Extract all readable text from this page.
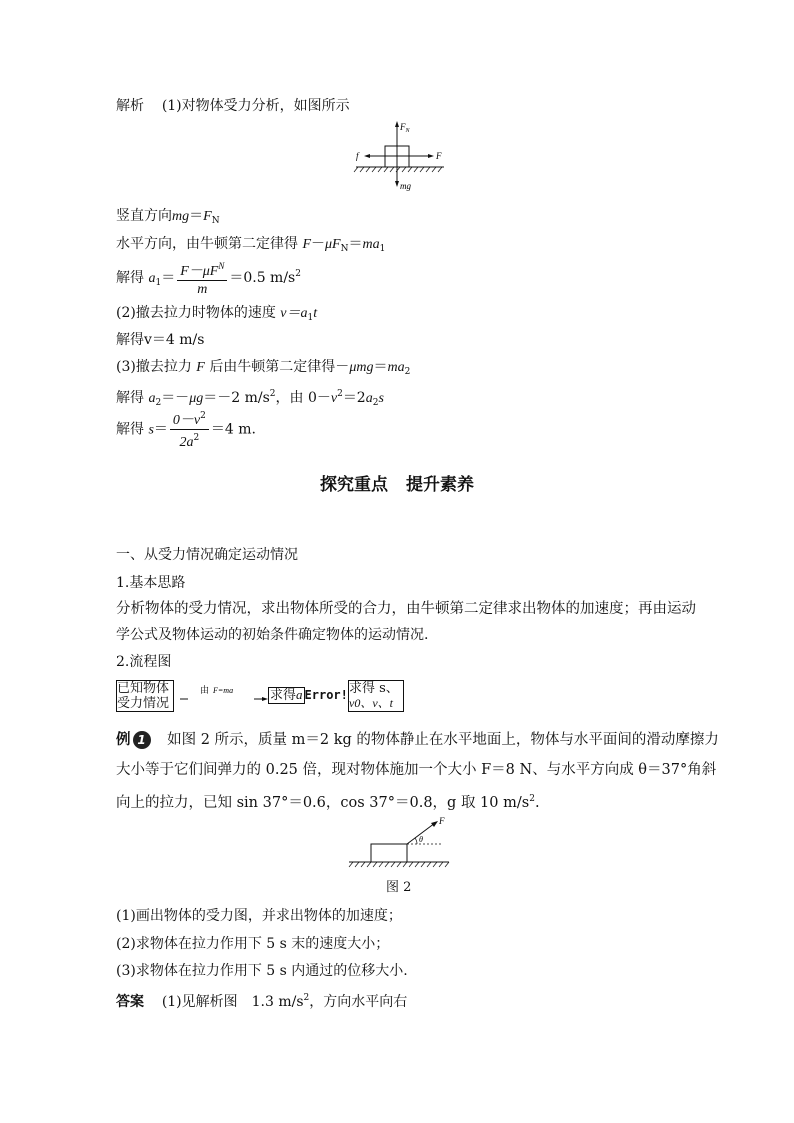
解析 (1)对物体受力分析，如图所示
$F_N$
f	F
mg
竖直方向$mg=F_N$
水平方向，由牛顿第二定律得 $F-\mu F_N=ma_1$
解得 $a_1= \frac{F-\mu F^N}{m} =0.5$ $m/s^2$
(2)撤去拉力时物体的速度 $v=a_1t$
解得v＝4 m/s
(3)撤去拉力 F 后由牛顿第二定律得$-\mu mg=ma_2$
解得 $a_2=-\mu g=-2$ $m/s^2$，由 $0-v^2=2a_2s$
解得 $s= \frac{0-v^2}{2a^2} =4$ m.
探究重点 提升素养
一、从受力情况确定运动情况
1.基本思路
分析物体的受力情况，求出物体所受的合力，由牛顿第二定律求出物体的加速度；再由运动
学公式及物体运动的初始条件确定物体的运动情况.
2.流程图
已知物体
受力情况
由 F=ma	求得a Error! 求得 s、
v0、v、t
例 1 如图 2 所示，质量 m＝2 kg 的物体静止在水平地面上，物体与水平面间的滑动摩擦力
大小等于它们间弹力的 0.25 倍，现对物体施加一个大小 F＝8 N、与水平方向成 θ＝37°角斜
向上的拉力，已知 sin 37°＝0.6，cos 37°＝0.8，g 取 10 $m/s^2$.
F
θ
图 2
(1)画出物体的受力图，并求出物体的加速度；
(2)求物体在拉力作用下 5 s 末的速度大小；
(3)求物体在拉力作用下 5 s 内通过的位移大小.
答案 (1)见解析图　1.3 $m/s^2$，方向水平向右
